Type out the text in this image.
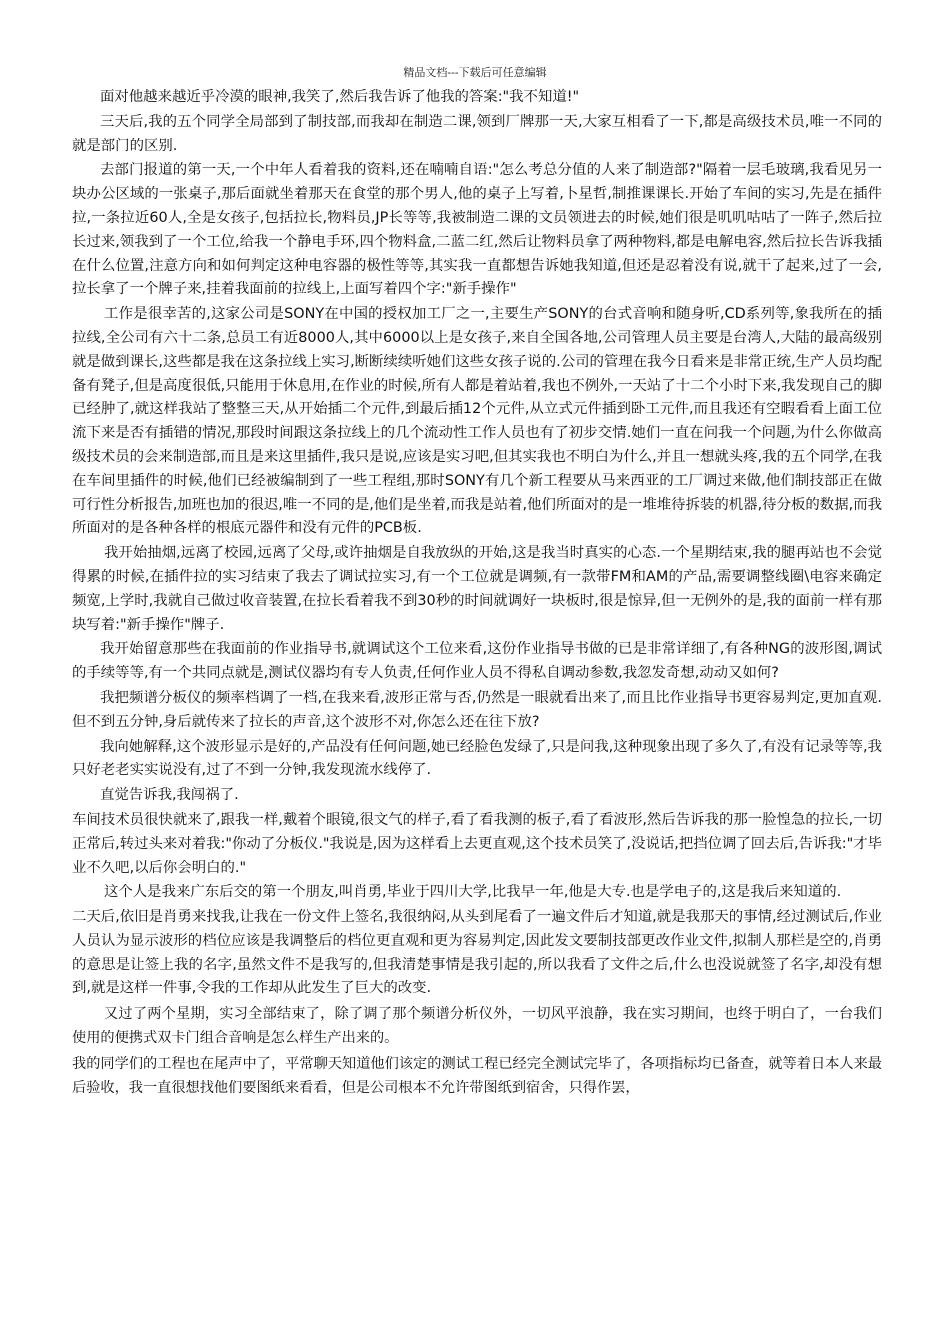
精品文档---下载后可任意编辑

面对他越来越近乎冷漠的眼神,我笑了,然后我告诉了他我的答案:"我不知道!"

三天后,我的五个同学全局部到了制技部,而我却在制造二课,领到厂牌那一天,大家互相看了一下,都是高级技术员,唯一不同的就是部门的区别.

去部门报道的第一天,一个中年人看着我的资料,还在喃喃自语:"怎么考总分值的人来了制造部?"隔着一层毛玻璃,我看见另一块办公区域的一张桌子,那后面就坐着那天在食堂的那个男人,他的桌子上写着,卜星哲,制推课课长.开始了车间的实习,先是在插件拉,一条拉近60人,全是女孩子,包括拉长,物料员,JP长等等,我被制造二课的文员领进去的时候,她们很是叽叽咕咕了一阵子,然后拉长过来,领我到了一个工位,给我一个静电手环,四个物料盒,二蓝二红,然后让物料员拿了两种物料,都是电解电容,然后拉长告诉我插在什么位置,注意方向和如何判定这种电容器的极性等等,其实我一直都想告诉她我知道,但还是忍着没有说,就干了起来,过了一会,拉长拿了一个牌子来,挂着我面前的拉线上,上面写着四个字:"新手操作"

工作是很幸苦的,这家公司是SONY在中国的授权加工厂之一,主要生产SONY的台式音响和随身听,CD系列等,象我所在的插拉线,全公司有六十二条,总员工有近8000人,其中6000以上是女孩子,来自全国各地,公司管理人员主要是台湾人,大陆的最高级别就是做到课长,这些都是我在这条拉线上实习,断断续续听她们这些女孩子说的.公司的管理在我今日看来是非常正统,生产人员均配备有凳子,但是高度很低,只能用于休息用,在作业的时候,所有人都是着站着,我也不例外,一天站了十二个小时下来,我发现自己的脚已经肿了,就这样我站了整整三天,从开始插二个元件,到最后插12个元件,从立式元件插到卧工元件,而且我还有空暇看看上面工位流下来是否有插错的情况,那段时间跟这条拉线上的几个流动性工作人员也有了初步交情.她们一直在问我一个问题,为什么你做高级技术员的会来制造部,而且是来这里插件,我只是说,应该是实习吧,但其实我也不明白为什么,并且一想就头疼,我的五个同学,在我在车间里插件的时候,他们已经被编制到了一些工程组,那时SONY有几个新工程要从马来西亚的工厂调过来做,他们制技部正在做可行性分析报告,加班也加的很迟,唯一不同的是,他们是坐着,而我是站着,他们所面对的是一堆堆待拆装的机器,待分板的数据,而我所面对的是各种各样的根底元器件和没有元件的PCB板.

我开始抽烟,远离了校园,远离了父母,或许抽烟是自我放纵的开始,这是我当时真实的心态.一个星期结束,我的腿再站也不会觉得累的时候,在插件拉的实习结束了我去了调试拉实习,有一个工位就是调频,有一款带FM和AM的产品,需要调整线圈\电容来确定频宽,上学时,我就自己做过收音装置,在拉长看着我不到30秒的时间就调好一块板时,很是惊异,但一无例外的是,我的面前一样有那块写着:"新手操作"牌子.

我开始留意那些在我面前的作业指导书,就调试这个工位来看,这份作业指导书做的已是非常详细了,有各种NG的波形图,调试的手续等等,有一个共同点就是,测试仪器均有专人负责,任何作业人员不得私自调动参数,我忽发奇想,动动又如何?

我把频谱分板仪的频率档调了一档,在我来看,波形正常与否,仍然是一眼就看出来了,而且比作业指导书更容易判定,更加直观.但不到五分钟,身后就传来了拉长的声音,这个波形不对,你怎么还在往下放?

我向她解释,这个波形显示是好的,产品没有任何问题,她已经脸色发绿了,只是问我,这种现象出现了多久了,有没有记录等等,我只好老老实实说没有,过了不到一分钟,我发现流水线停了.

直觉告诉我,我闯祸了.

车间技术员很快就来了,跟我一样,戴着个眼镜,很文气的样子,看了看我测的板子,看了看波形,然后告诉我的那一脸惶急的拉长,一切正常后,转过头来对着我:"你动了分板仪."我说是,因为这样看上去更直观,这个技术员笑了,没说话,把挡位调了回去后,告诉我:"才毕业不久吧,以后你会明白的."

这个人是我来广东后交的第一个朋友,叫肖勇,毕业于四川大学,比我早一年,他是大专.也是学电子的,这是我后来知道的.

二天后,依旧是肖勇来找我,让我在一份文件上签名,我很纳闷,从头到尾看了一遍文件后才知道,就是我那天的事情,经过测试后,作业人员认为显示波形的档位应该是我调整后的档位更直观和更为容易判定,因此发文要制技部更改作业文件,拟制人那栏是空的,肖勇的意思是让签上我的名字,虽然文件不是我写的,但我清楚事情是我引起的,所以我看了文件之后,什么也没说就签了名字,却没有想到,就是这样一件事,令我的工作却从此发生了巨大的改变.

又过了两个星期，实习全部结束了，除了调了那个频谱分析仪外，一切风平浪静，我在实习期间，也终于明白了，一台我们使用的便携式双卡门组合音响是怎么样生产出来的。

我的同学们的工程也在尾声中了，平常聊天知道他们该定的测试工程已经完全测试完毕了，各项指标均已备查，就等着日本人来最后验收，我一直很想找他们要图纸来看看，但是公司根本不允许带图纸到宿舍，只得作罢，
